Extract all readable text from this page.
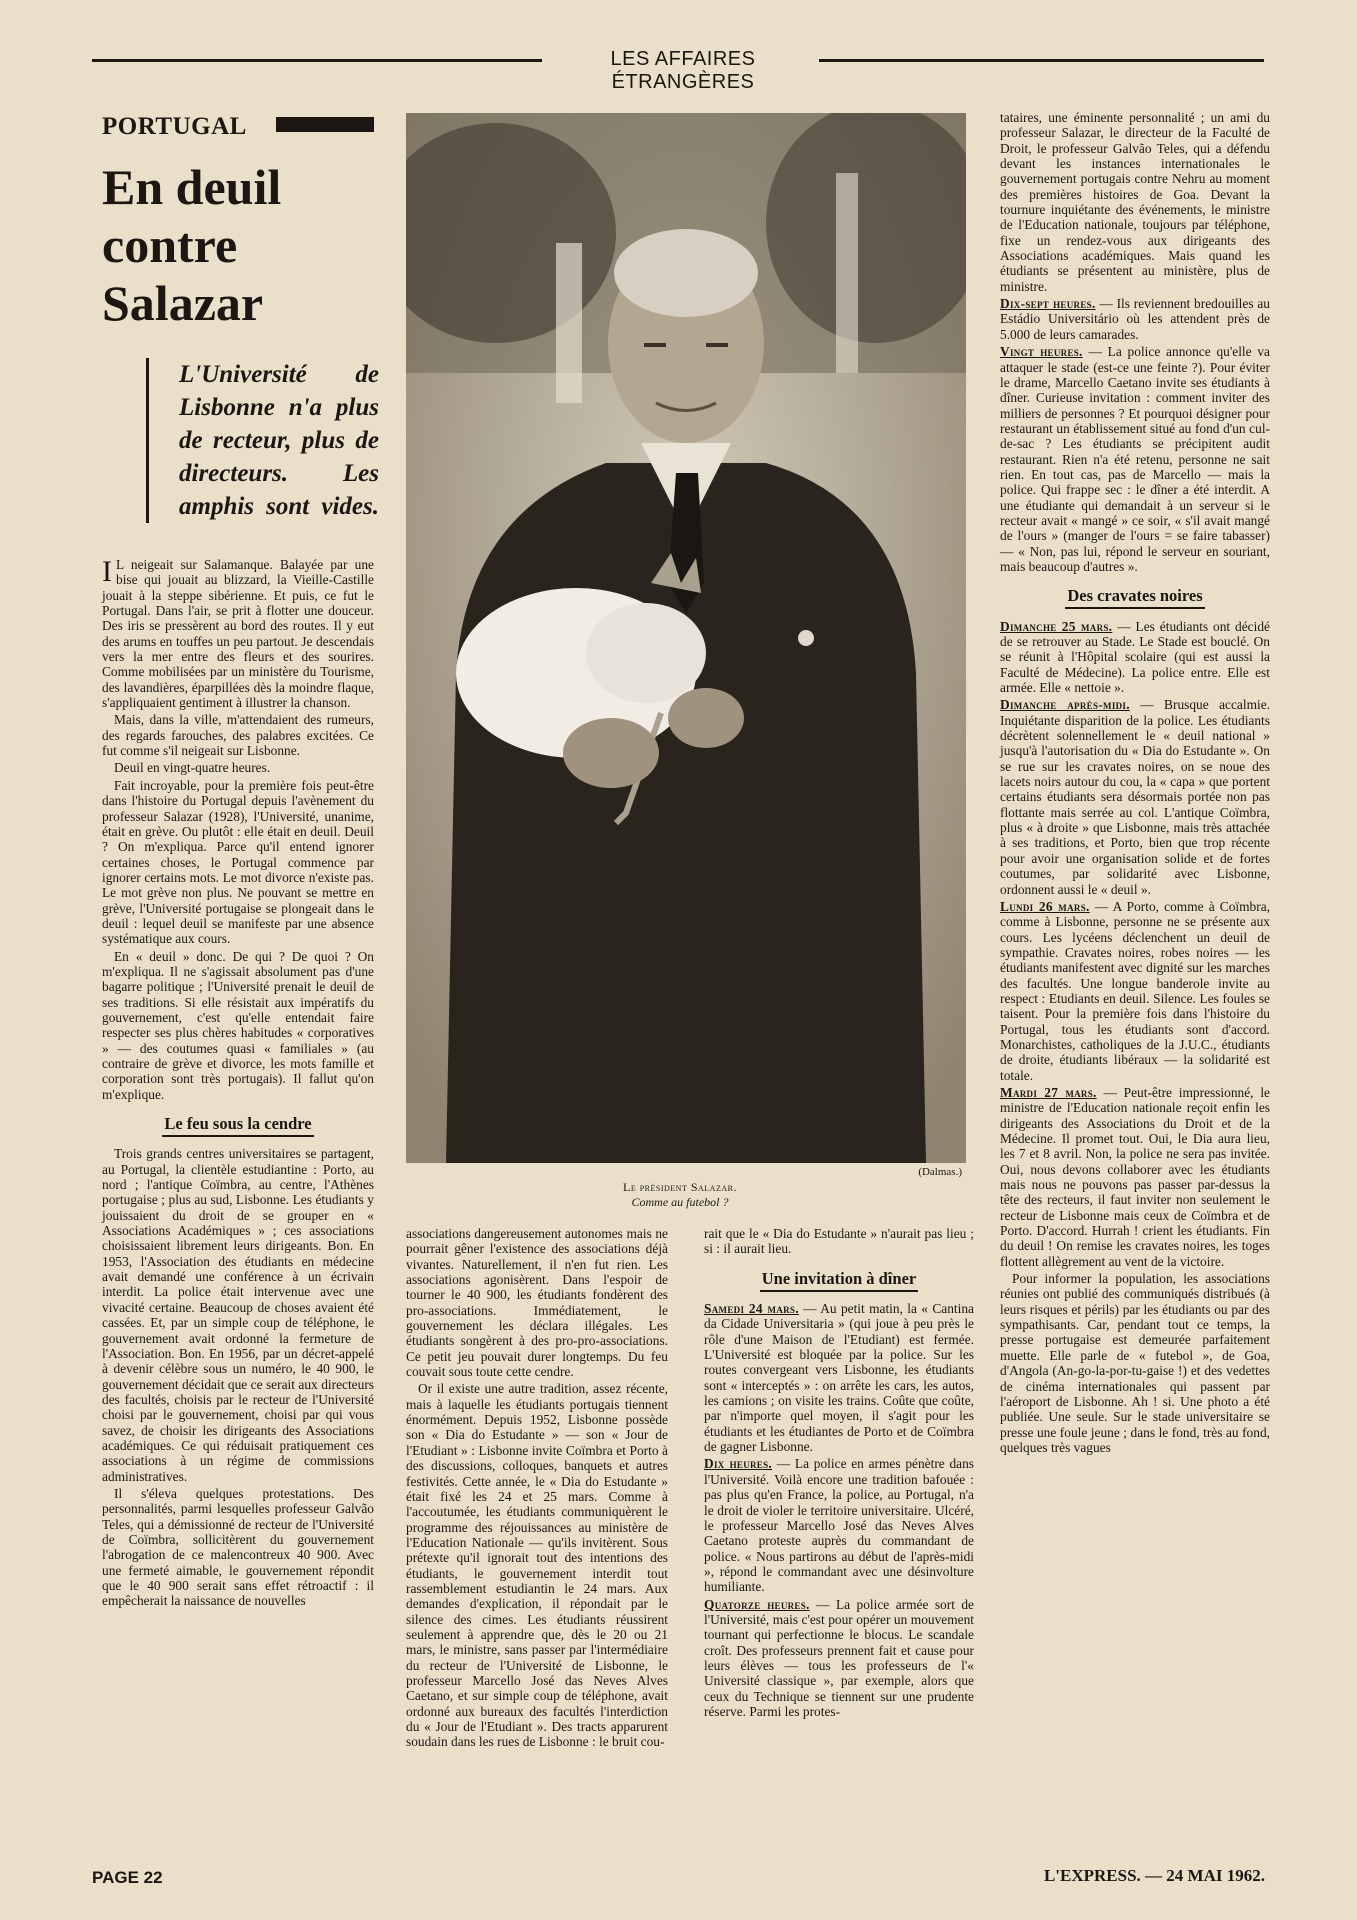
LES AFFAIRES ÉTRANGÈRES
PORTUGAL
En deuil
contre
Salazar

L'Université de Lisbonne n'a plus de recteur, plus de directeurs. Les amphis sont vides.

I L neigeait sur Salamanque. Balayée par une bise qui jouait au blizzard, la Vieille-Castille jouait à la steppe sibérienne. Et puis, ce fut le Portugal. Dans l'air, se prit à flotter une douceur. Des iris se pressèrent au bord des routes. Il y eut des arums en touffes un peu partout. Je descendais vers la mer entre des fleurs et des sourires. Comme mobilisées par un ministère du Tourisme, des lavandières, éparpillées dès la moindre flaque, s'appliquaient gentiment à illustrer la chanson.

Mais, dans la ville, m'attendaient des rumeurs, des regards farouches, des palabres excitées. Ce fut comme s'il neigeait sur Lisbonne.

Deuil en vingt-quatre heures.

Fait incroyable, pour la première fois peut-être dans l'histoire du Portugal depuis l'avènement du professeur Salazar (1928), l'Université, unanime, était en grève. Ou plutôt : elle était en deuil. Deuil ? On m'expliqua. Parce qu'il entend ignorer certaines choses, le Portugal commence par ignorer certains mots. Le mot divorce n'existe pas. Le mot grève non plus. Ne pouvant se mettre en grève, l'Université portugaise se plongeait dans le deuil : lequel deuil se manifeste par une absence systématique aux cours.

En « deuil » donc. De qui ? De quoi ? On m'expliqua. Il ne s'agissait absolument pas d'une bagarre politique ; l'Université prenait le deuil de ses traditions. Si elle résistait aux impératifs du gouvernement, c'est qu'elle entendait faire respecter ses plus chères habitudes « corporatives » — des coutumes quasi « familiales » (au contraire de grève et divorce, les mots famille et corporation sont très portugais). Il fallut qu'on m'explique.

Le feu sous la cendre

Trois grands centres universitaires se partagent, au Portugal, la clientèle estudiantine : Porto, au nord ; l'antique Coïmbra, au centre, l'Athènes portugaise ; plus au sud, Lisbonne. Les étudiants y jouissaient du droit de se grouper en « Associations Académiques » ; ces associations choisissaient librement leurs dirigeants. Bon. En 1953, l'Association des étudiants en médecine avait demandé une conférence à un écrivain interdit. La police était intervenue avec une vivacité certaine. Beaucoup de choses avaient été cassées. Et, par un simple coup de téléphone, le gouvernement avait ordonné la fermeture de l'Association. Bon. En 1956, par un décret-appelé à devenir célèbre sous un numéro, le 40 900, le gouvernement décidait que ce serait aux directeurs des facultés, choisis par le recteur de l'Université choisi par le gouvernement, choisi par qui vous savez, de choisir les dirigeants des Associations académiques. Ce qui réduisait pratiquement ces associations à un régime de commissions administratives.

Il s'éleva quelques protestations. Des personnalités, parmi lesquelles professeur Galvão Teles, qui a démissionné de recteur de l'Université de Coïmbra, sollicitèrent du gouvernement l'abrogation de ce malencontreux 40 900. Avec une fermeté aimable, le gouvernement répondit que le 40 900 serait sans effet rétroactif : il empêcherait la naissance de nouvelles

(Dalmas.)
Le président Salazar.
Comme au futebol ?

associations dangereusement autonomes mais ne pourrait gêner l'existence des associations déjà vivantes. Naturellement, il n'en fut rien. Les associations agonisèrent. Dans l'espoir de tourner le 40 900, les étudiants fondèrent des pro-associations. Immédiatement, le gouvernement les déclara illégales. Les étudiants songèrent à des pro-pro-associations. Ce petit jeu pouvait durer longtemps. Du feu couvait sous toute cette cendre.

Or il existe une autre tradition, assez récente, mais à laquelle les étudiants portugais tiennent énormément. Depuis 1952, Lisbonne possède son « Dia do Estudante » — son « Jour de l'Etudiant » : Lisbonne invite Coïmbra et Porto à des discussions, colloques, banquets et autres festivités. Cette année, le « Dia do Estudante » était fixé les 24 et 25 mars. Comme à l'accoutumée, les étudiants communiquèrent le programme des réjouissances au ministère de l'Education Nationale — qu'ils invitèrent. Sous prétexte qu'il ignorait tout des intentions des étudiants, le gouvernement interdit tout rassemblement estudiantin le 24 mars. Aux demandes d'explication, il répondait par le silence des cimes. Les étudiants réussirent seulement à apprendre que, dès le 20 ou 21 mars, le ministre, sans passer par l'intermédiaire du recteur de l'Université de Lisbonne, le professeur Marcello José das Neves Alves Caetano, et sur simple coup de téléphone, avait ordonné aux bureaux des facultés l'interdiction du « Jour de l'Etudiant ». Des tracts apparurent soudain dans les rues de Lisbonne : le bruit cou-

rait que le « Dia do Estudante » n'aurait pas lieu ; si : il aurait lieu.

Une invitation à dîner

Samedi 24 mars. — Au petit matin, la « Cantina da Cidade Universitaria » (qui joue à peu près le rôle d'une Maison de l'Etudiant) est fermée. L'Université est bloquée par la police. Sur les routes convergeant vers Lisbonne, les étudiants sont « interceptés » : on arrête les cars, les autos, les camions ; on visite les trains. Coûte que coûte, par n'importe quel moyen, il s'agit pour les étudiants et les étudiantes de Porto et de Coïmbra de gagner Lisbonne.

Dix heures. — La police en armes pénètre dans l'Université. Voilà encore une tradition bafouée : pas plus qu'en France, la police, au Portugal, n'a le droit de violer le territoire universitaire. Ulcéré, le professeur Marcello José das Neves Alves Caetano proteste auprès du commandant de police. « Nous partirons au début de l'après-midi », répond le commandant avec une désinvolture humiliante.

Quatorze heures. — La police armée sort de l'Université, mais c'est pour opérer un mouvement tournant qui perfectionne le blocus. Le scandale croît. Des professeurs prennent fait et cause pour leurs élèves — tous les professeurs de l'« Université classique », par exemple, alors que ceux du Technique se tiennent sur une prudente réserve. Parmi les protes-

tataires, une éminente personnalité ; un ami du professeur Salazar, le directeur de la Faculté de Droit, le professeur Galvão Teles, qui a défendu devant les instances internationales le gouvernement portugais contre Nehru au moment des premières histoires de Goa. Devant la tournure inquiétante des événements, le ministre de l'Education nationale, toujours par téléphone, fixe un rendez-vous aux dirigeants des Associations académiques. Mais quand les étudiants se présentent au ministère, plus de ministre.

Dix-sept heures. — Ils reviennent bredouilles au Estádio Universitário où les attendent près de 5.000 de leurs camarades.

Vingt heures. — La police annonce qu'elle va attaquer le stade (est-ce une feinte ?). Pour éviter le drame, Marcello Caetano invite ses étudiants à dîner. Curieuse invitation : comment inviter des milliers de personnes ? Et pourquoi désigner pour restaurant un établissement situé au fond d'un cul-de-sac ? Les étudiants se précipitent audit restaurant. Rien n'a été retenu, personne ne sait rien. En tout cas, pas de Marcello — mais la police. Qui frappe sec : le dîner a été interdit. A une étudiante qui demandait à un serveur si le recteur avait « mangé » ce soir, « s'il avait mangé de l'ours » (manger de l'ours = se faire tabasser) — « Non, pas lui, répond le serveur en souriant, mais beaucoup d'autres ».

Des cravates noires

Dimanche 25 mars. — Les étudiants ont décidé de se retrouver au Stade. Le Stade est bouclé. On se réunit à l'Hôpital scolaire (qui est aussi la Faculté de Médecine). La police entre. Elle est armée. Elle « nettoie ».

Dimanche après-midi. — Brusque accalmie. Inquiétante disparition de la police. Les étudiants décrètent solennellement le « deuil national » jusqu'à l'autorisation du « Dia do Estudante ». On se rue sur les cravates noires, on se noue des lacets noirs autour du cou, la « capa » que portent certains étudiants sera désormais portée non pas flottante mais serrée au col. L'antique Coïmbra, plus « à droite » que Lisbonne, mais très attachée à ses traditions, et Porto, bien que trop récente pour avoir une organisation solide et de fortes coutumes, par solidarité avec Lisbonne, ordonnent aussi le « deuil ».

Lundi 26 mars. — A Porto, comme à Coïmbra, comme à Lisbonne, personne ne se présente aux cours. Les lycéens déclenchent un deuil de sympathie. Cravates noires, robes noires — les étudiants manifestent avec dignité sur les marches des facultés. Une longue banderole invite au respect : Etudiants en deuil. Silence. Les foules se taisent. Pour la première fois dans l'histoire du Portugal, tous les étudiants sont d'accord. Monarchistes, catholiques de la J.U.C., étudiants de droite, étudiants libéraux — la solidarité est totale.

Mardi 27 mars. — Peut-être impressionné, le ministre de l'Education nationale reçoit enfin les dirigeants des Associations du Droit et de la Médecine. Il promet tout. Oui, le Dia aura lieu, les 7 et 8 avril. Non, la police ne sera pas invitée. Oui, nous devons collaborer avec les étudiants mais nous ne pouvons pas passer par-dessus la tête des recteurs, il faut inviter non seulement le recteur de Lisbonne mais ceux de Coïmbra et de Porto. D'accord. Hurrah ! crient les étudiants. Fin du deuil ! On remise les cravates noires, les toges flottent allègrement au vent de la victoire.

Pour informer la population, les associations réunies ont publié des communiqués distribués (à leurs risques et périls) par les étudiants ou par des sympathisants. Car, pendant tout ce temps, la presse portugaise est demeurée parfaitement muette. Elle parle de « futebol », de Goa, d'Angola (An-go-la-por-tu-gaise !) et des vedettes de cinéma internationales qui passent par l'aéroport de Lisbonne. Ah ! si. Une photo a été publiée. Une seule. Sur le stade universitaire se presse une foule jeune ; dans le fond, très au fond, quelques très vagues

PAGE 22	L'EXPRESS. — 24 MAI 1962.
